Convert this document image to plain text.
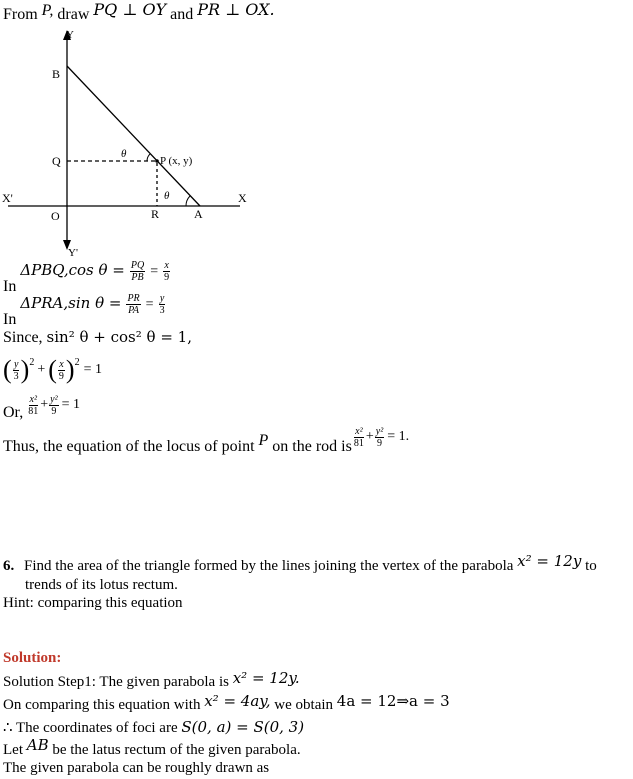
From P, draw PQ ⊥ OY and PR ⊥ OX.
Y
B
Q	θ
P (x, y)
X'	X
θ
O	R	A
Y'
In ΔPBQ,cos $\theta = \frac{PQ}{PB} = \frac{x}{9}$
In ΔPRA,sin $\theta = \frac{PR}{PA} = \frac{y}{3}$
Since, sin² θ + cos² θ = 1,
( $\frac{y}{3}$ ) 2 + ( $\frac{x}{9}$ ) 2 = 1
Or, $\frac{\text{x²}}{81} + \frac{\text{y²}}{9} = 1$
Thus, the equation of the locus of point P on the rod is $\frac{\text{x²}}{81} + \frac{\text{y²}}{9} = 1$.
6. Find the area of the triangle formed by the lines joining the vertex of the parabola x² = 12y to
trends of its lotus rectum.
Hint: comparing this equation
Solution:
Solution Step1: The given parabola is x² = 12y.
On comparing this equation with x² = 4ay, we obtain 4a = 12⇒a = 3
∴ The coordinates of foci are S(0, a) = S(0, 3)
Let AB be the latus rectum of the given parabola.
The given parabola can be roughly drawn as
